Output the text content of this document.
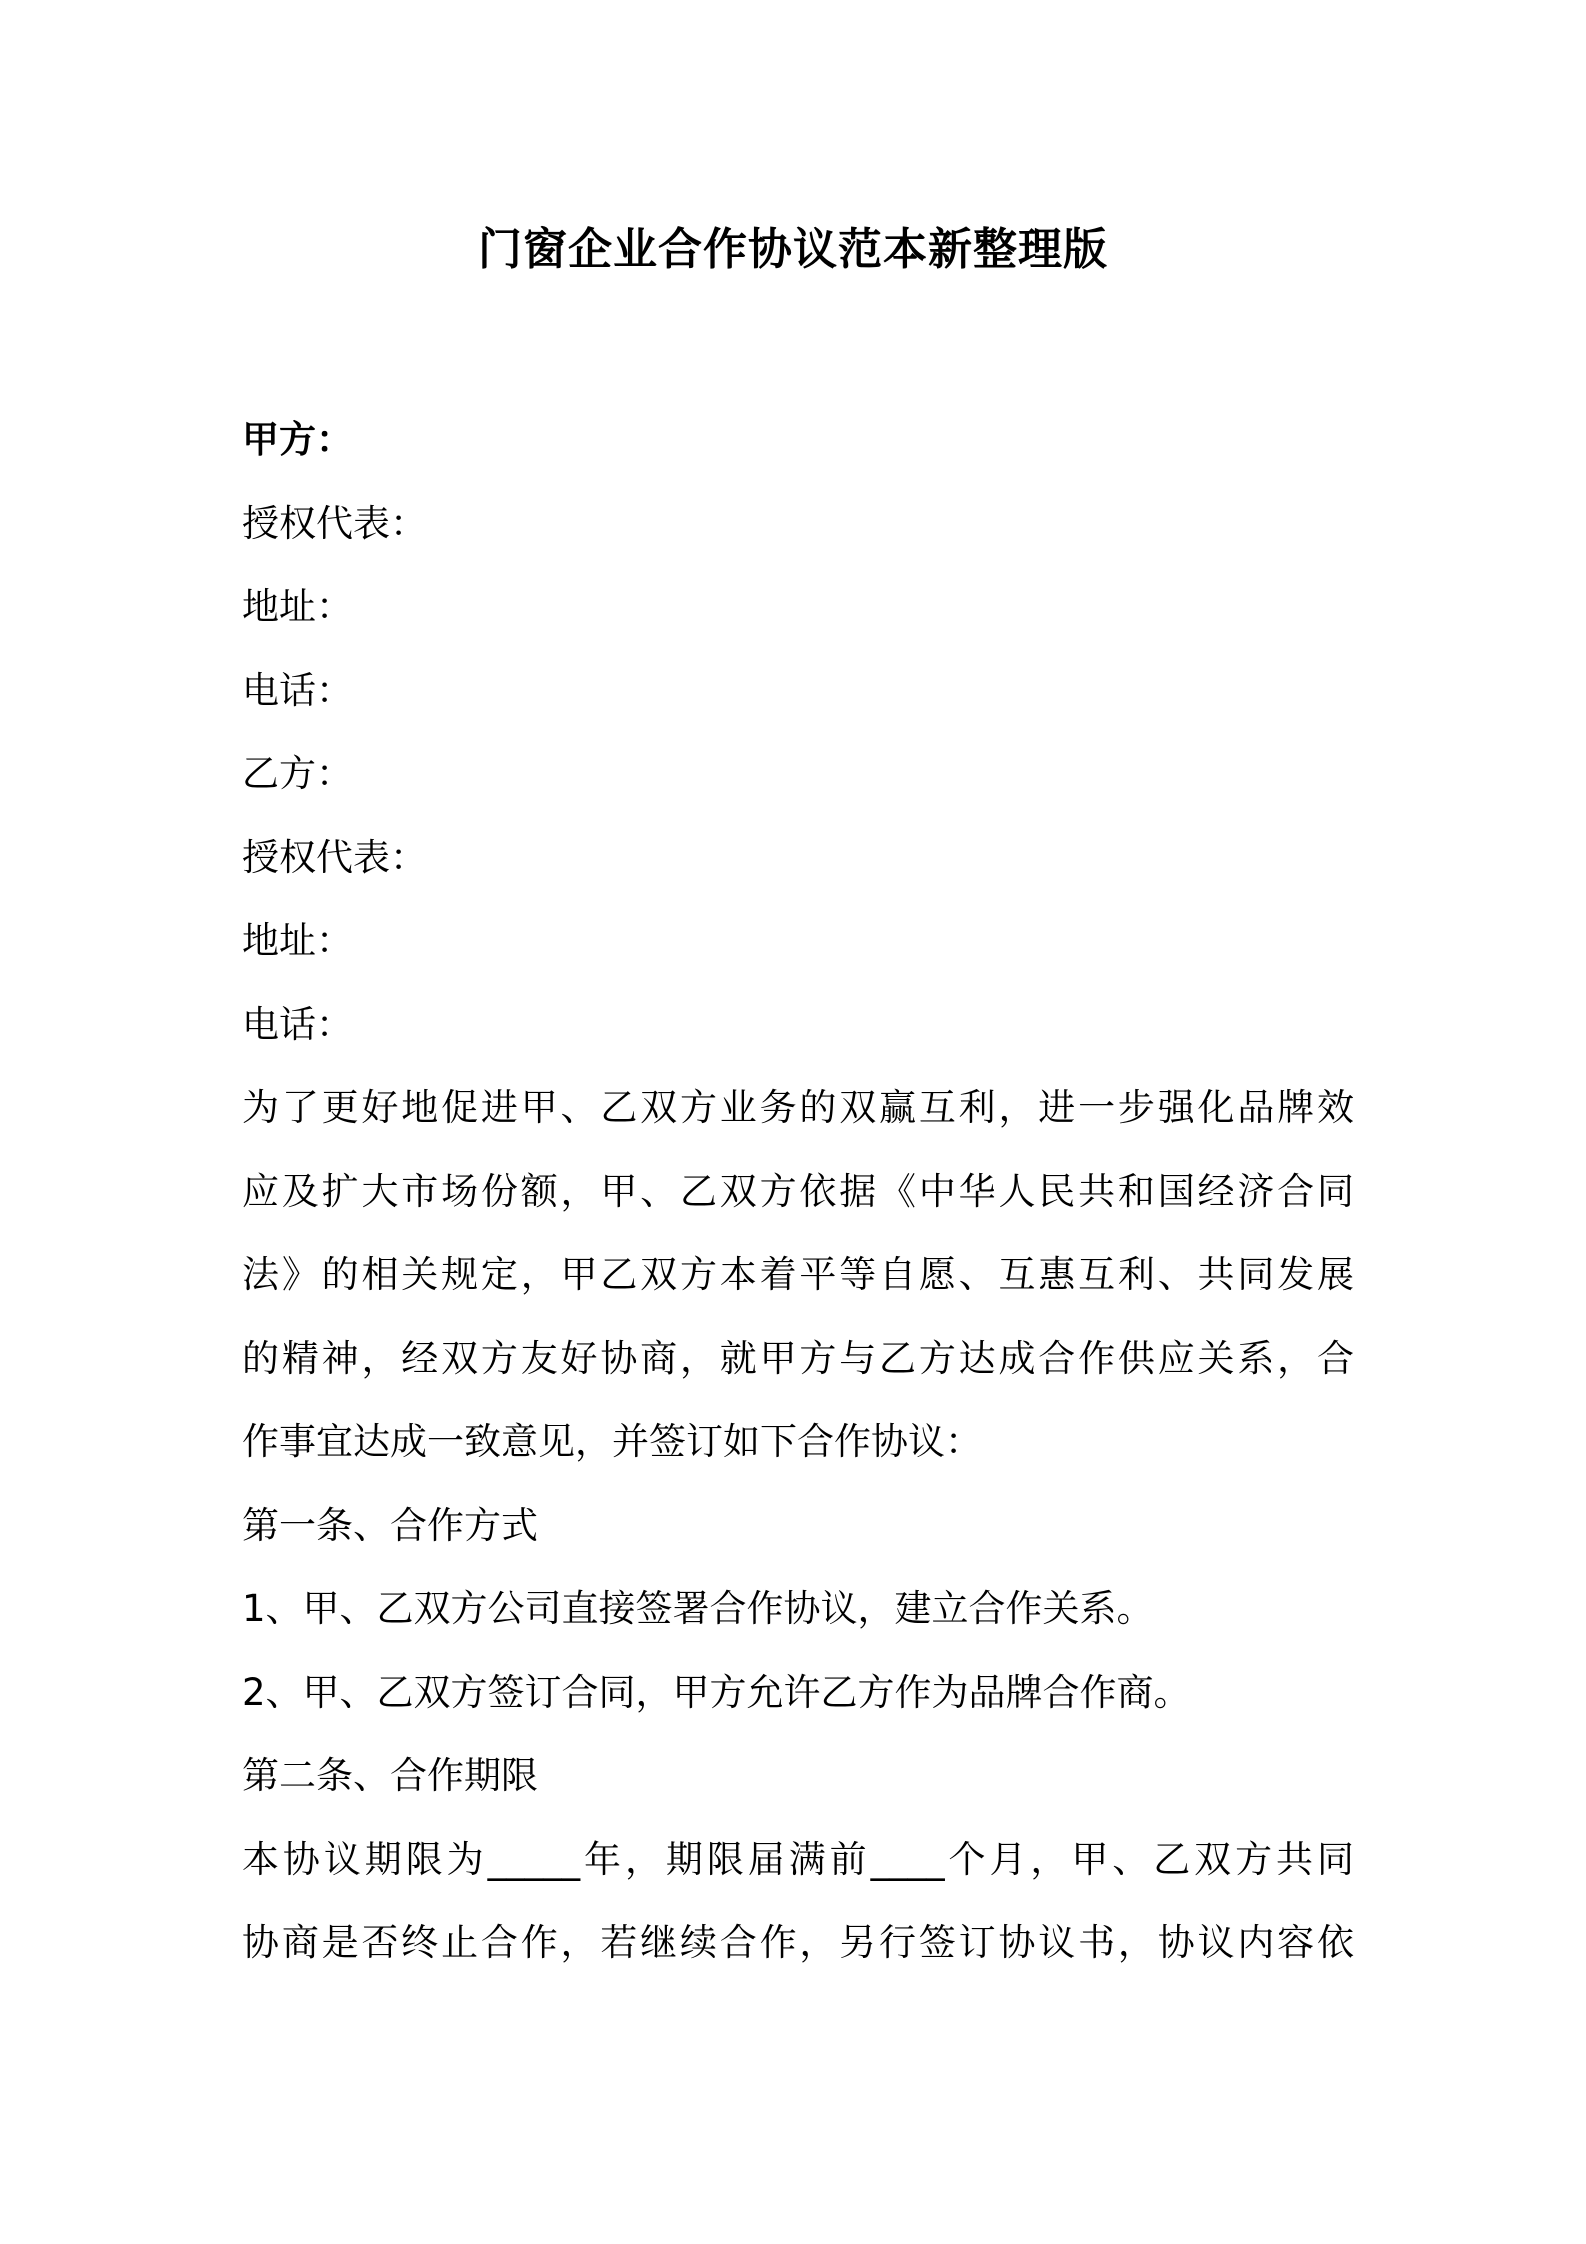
门窗企业合作协议范本新整理版
甲方：
授权代表：
地址：
电话：
乙方：
授权代表：
地址：
电话：
为了更好地促进甲、乙双方业务的双赢互利，进一步强化品牌效
应及扩大市场份额，甲、乙双方依据《中华人民共和国经济合同
法》的相关规定，甲乙双方本着平等自愿、互惠互利、共同发展
的精神，经双方友好协商，就甲方与乙方达成合作供应关系，合
作事宜达成一致意见，并签订如下合作协议：
第一条、合作方式
1、甲、乙双方公司直接签署合作协议，建立合作关系。
2、甲、乙双方签订合同，甲方允许乙方作为品牌合作商。
第二条、合作期限
本协议期限为_____年，期限届满前____个月，甲、乙双方共同
协商是否终止合作，若继续合作，另行签订协议书，协议内容依
